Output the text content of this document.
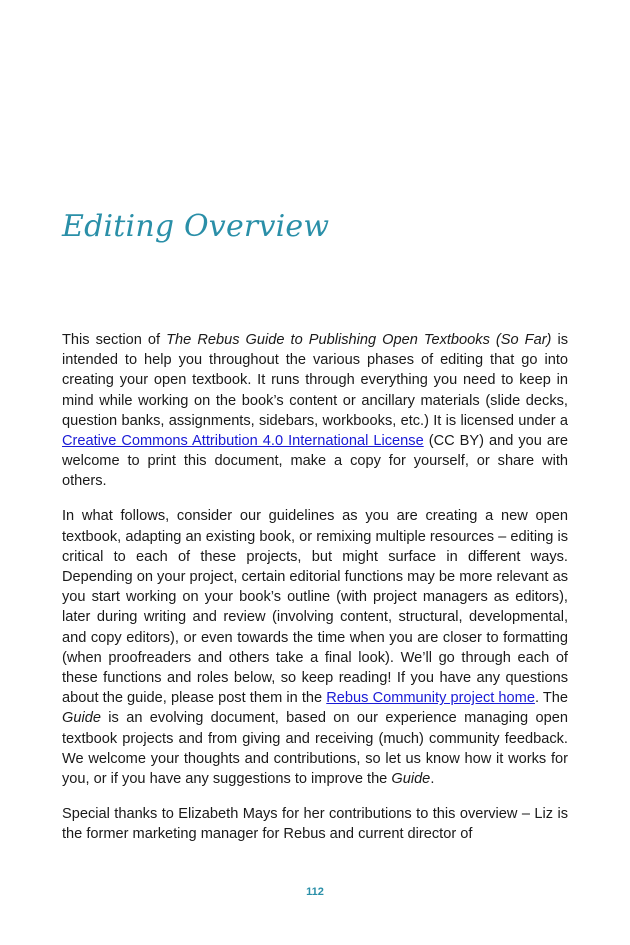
Editing Overview

This section of The Rebus Guide to Publishing Open Textbooks (So Far) is intended to help you throughout the various phases of editing that go into creating your open textbook. It runs through everything you need to keep in mind while working on the book’s content or ancillary materials (slide decks, question banks, assignments, sidebars, workbooks, etc.) It is licensed under a Creative Commons Attribution 4.0 International License (CC BY) and you are welcome to print this document, make a copy for yourself, or share with others.

In what follows, consider our guidelines as you are creating a new open textbook, adapting an existing book, or remixing multiple resources – editing is critical to each of these projects, but might surface in different ways. Depending on your project, certain editorial functions may be more relevant as you start working on your book’s outline (with project managers as editors), later during writing and review (involving content, structural, developmental, and copy editors), or even towards the time when you are closer to formatting (when proofreaders and others take a final look). We’ll go through each of these functions and roles below, so keep reading! If you have any questions about the guide, please post them in the Rebus Community project home. The Guide is an evolving document, based on our experience managing open textbook projects and from giving and receiving (much) community feedback. We welcome your thoughts and contributions, so let us know how it works for you, or if you have any suggestions to improve the Guide.

Special thanks to Elizabeth Mays for her contributions to this overview – Liz is the former marketing manager for Rebus and current director of

112
